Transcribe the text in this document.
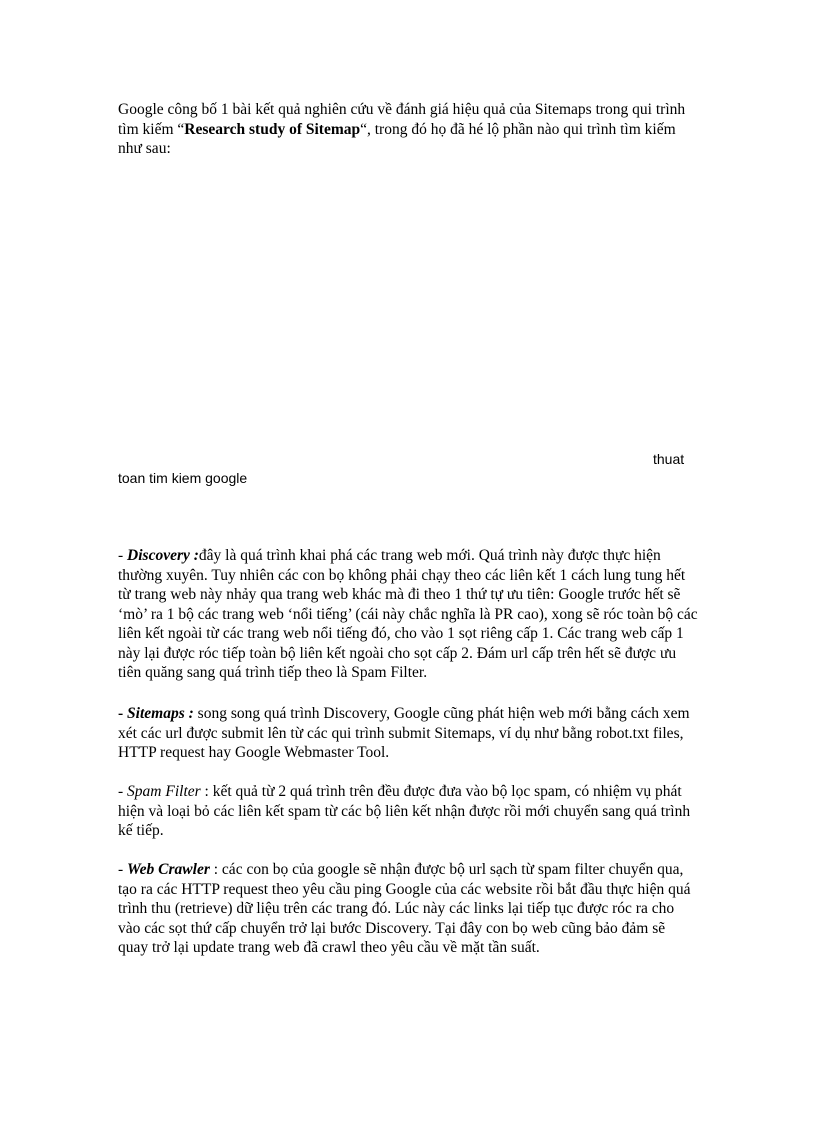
Google công bố 1 bài kết quả nghiên cứu về đánh giá hiệu quả của Sitemaps trong qui trình tìm kiếm “Research study of Sitemap“, trong đó họ đã hé lộ phần nào qui trình tìm kiếm như sau:

thuat
toan tim kiem google

- Discovery :đây là quá trình khai phá các trang web mới. Quá trình này được thực hiện thường xuyên. Tuy nhiên các con bọ không phải chạy theo các liên kết 1 cách lung tung hết từ trang web này nhảy qua trang web khác mà đi theo 1 thứ tự ưu tiên: Google trước hết sẽ ‘mò’ ra 1 bộ các trang web ‘nổi tiếng’ (cái này chắc nghĩa là PR cao), xong sẽ róc toàn bộ các liên kết ngoài từ các trang web nổi tiếng đó, cho vào 1 sọt riêng cấp 1. Các trang web cấp 1 này lại được róc tiếp toàn bộ liên kết ngoài cho sọt cấp 2. Đám url cấp trên hết sẽ được ưu tiên quăng sang quá trình tiếp theo là Spam Filter.

- Sitemaps : song song quá trình Discovery, Google cũng phát hiện web mới bằng cách xem xét các url được submit lên từ các qui trình submit Sitemaps, ví dụ như bằng robot.txt files, HTTP request hay Google Webmaster Tool.

- Spam Filter : kết quả từ 2 quá trình trên đều được đưa vào bộ lọc spam, có nhiệm vụ phát hiện và loại bỏ các liên kết spam từ các bộ liên kết nhận được rồi mới chuyển sang quá trình kế tiếp.

- Web Crawler : các con bọ của google sẽ nhận được bộ url sạch từ spam filter chuyển qua, tạo ra các HTTP request theo yêu cầu ping Google của các website rồi bắt đầu thực hiện quá trình thu (retrieve) dữ liệu trên các trang đó. Lúc này các links lại tiếp tục được róc ra cho vào các sọt thứ cấp chuyển trở lại bước Discovery. Tại đây con bọ web cũng bảo đảm sẽ quay trở lại update trang web đã crawl theo yêu cầu về mặt tần suất.
